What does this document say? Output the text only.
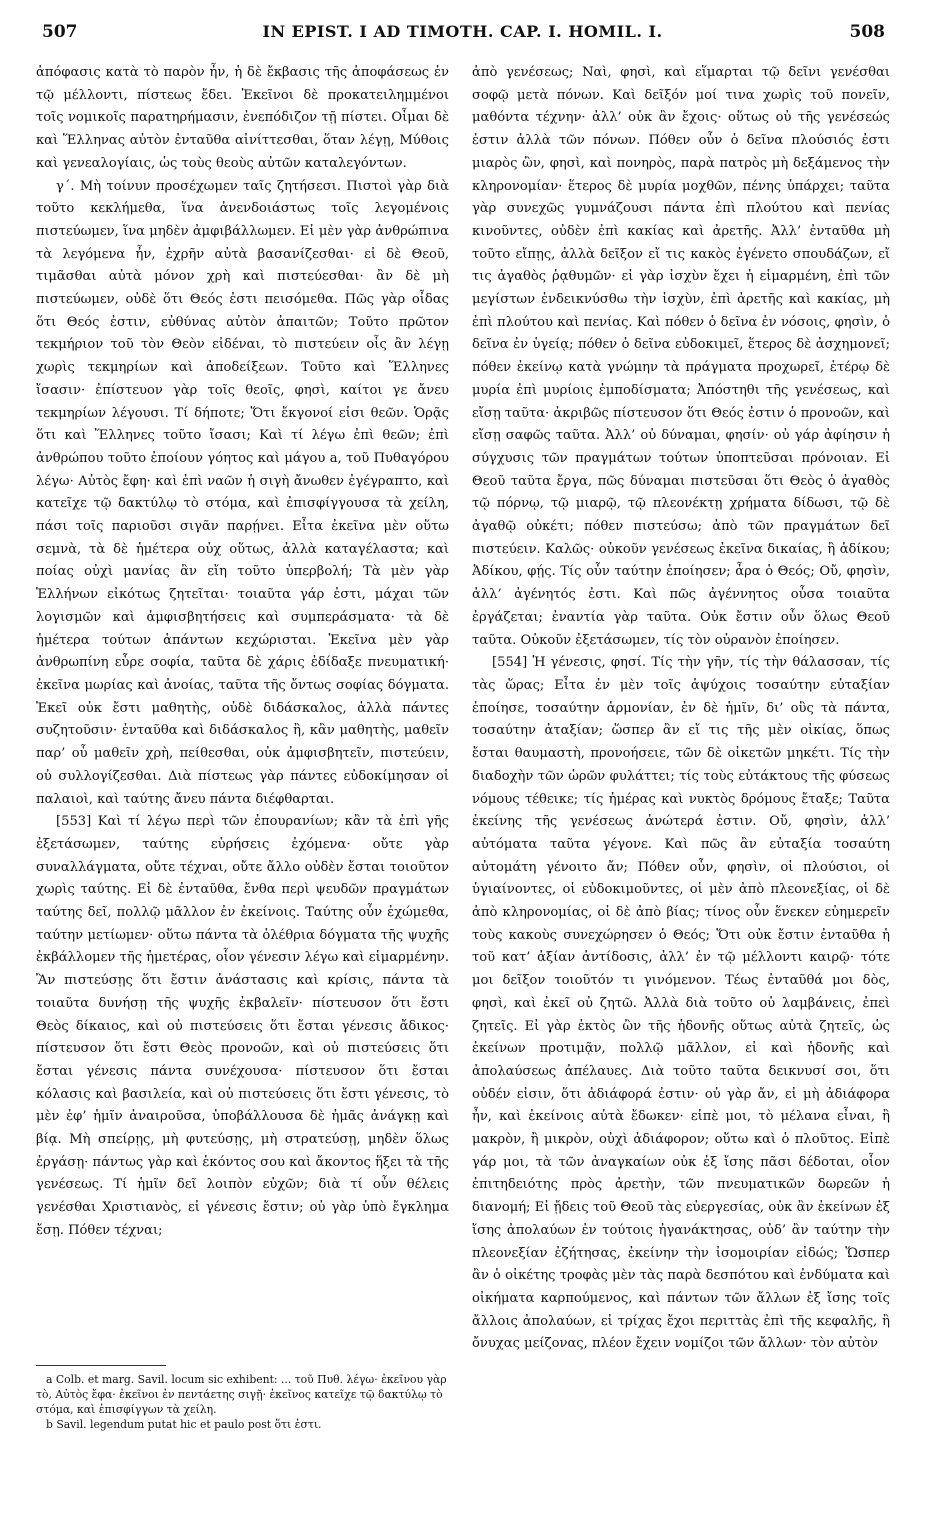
507	IN EPIST. I AD TIMOTH. CAP. I. HOMIL. I.	508

ἀπόφασις κατὰ τὸ παρὸν ἦν, ἡ δὲ ἔκβασις τῆς ἀποφάσεως ἐν τῷ μέλλοντι, πίστεως ἔδει. Ἐκεῖνοι δὲ προκατειλημμένοι τοῖς νομικοῖς παρατηρήμασιν, ἐνεπόδιζον τῇ πίστει. Οἶμαι δὲ καὶ Ἕλληνας αὐτὸν ἐνταῦθα αἰνίττεσθαι, ὅταν λέγῃ, Μύθοις καὶ γενεαλογίαις, ὡς τοὺς θεοὺς αὐτῶν καταλεγόντων.

γ΄. Μὴ τοίνυν προσέχωμεν ταῖς ζητήσεσι. Πιστοὶ γὰρ διὰ τοῦτο κεκλήμεθα, ἵνα ἀνενδοιάστως τοῖς λεγομένοις πιστεύωμεν, ἵνα μηδὲν ἀμφιβάλλωμεν. Εἰ μὲν γὰρ ἀνθρώπινα τὰ λεγόμενα ἦν, ἐχρῆν αὐτὰ βασανίζεσθαι· εἰ δὲ Θεοῦ, τιμᾶσθαι αὐτὰ μόνον χρὴ καὶ πιστεύεσθαι· ἂν δὲ μὴ πιστεύωμεν, οὐδὲ ὅτι Θεός ἐστι πεισόμεθα. Πῶς γὰρ οἶδας ὅτι Θεός ἐστιν, εὐθύνας αὐτὸν ἀπαιτῶν; Τοῦτο πρῶτον τεκμήριον τοῦ τὸν Θεὸν εἰδέναι, τὸ πιστεύειν οἷς ἂν λέγῃ χωρὶς τεκμηρίων καὶ ἀποδείξεων. Τοῦτο καὶ Ἕλληνες ἴσασιν· ἐπίστευον γὰρ τοῖς θεοῖς, φησὶ, καίτοι γε ἄνευ τεκμηρίων λέγουσι. Τί δήποτε; Ὅτι ἔκγονοί εἰσι θεῶν. Ὁρᾷς ὅτι καὶ Ἕλληνες τοῦτο ἴσασι; Καὶ τί λέγω ἐπὶ θεῶν; ἐπὶ ἀνθρώπου τοῦτο ἐποίουν γόητος καὶ μάγου a, τοῦ Πυθαγόρου λέγω· Αὐτὸς ἔφη· καὶ ἐπὶ ναῶν ἡ σιγὴ ἄνωθεν ἐγέγραπτο, καὶ κατεῖχε τῷ δακτύλῳ τὸ στόμα, καὶ ἐπισφίγγουσα τὰ χείλη, πάσι τοῖς παριοῦσι σιγᾶν παρῄνει. Εἶτα ἐκεῖνα μὲν οὕτω σεμνὰ, τὰ δὲ ἡμέτερα οὐχ οὕτως, ἀλλὰ καταγέλαστα; καὶ ποίας οὐχὶ μανίας ἂν εἴη τοῦτο ὑπερβολή; Τὰ μὲν γὰρ Ἑλλήνων εἰκότως ζητεῖται· τοιαῦτα γάρ ἐστι, μάχαι τῶν λογισμῶν καὶ ἀμφισβητήσεις καὶ συμπεράσματα· τὰ δὲ ἡμέτερα τούτων ἁπάντων κεχώρισται. Ἐκεῖνα μὲν γὰρ ἀνθρωπίνη εὗρε σοφία, ταῦτα δὲ χάρις ἐδίδαξε πνευματική· ἐκεῖνα μωρίας καὶ ἀνοίας, ταῦτα τῆς ὄντως σοφίας δόγματα. Ἐκεῖ οὐκ ἔστι μαθητὴς, οὐδὲ διδάσκαλος, ἀλλὰ πάντες συζητοῦσιν· ἐνταῦθα καὶ διδάσκαλος ἢ, κἂν μαθητὴς, μαθεῖν παρ’ οὗ μαθεῖν χρὴ, πείθεσθαι, οὐκ ἀμφισβητεῖν, πιστεύειν, οὐ συλλογίζεσθαι. Διὰ πίστεως γὰρ πάντες εὐδοκίμησαν οἱ παλαιοὶ, καὶ ταύτης ἄνευ πάντα διέφθαρται.

[553] Καὶ τί λέγω περὶ τῶν ἐπουρανίων; κἂν τὰ ἐπὶ γῆς ἐξετάσωμεν, ταύτης εὑρήσεις ἐχόμενα· οὔτε γὰρ συναλλάγματα, οὔτε τέχναι, οὔτε ἄλλο οὐδὲν ἔσται τοιοῦτον χωρὶς ταύτης. Εἰ δὲ ἐνταῦθα, ἔνθα περὶ ψευδῶν πραγμάτων ταύτης δεῖ, πολλῷ μᾶλλον ἐν ἐκείνοις. Ταύτης οὖν ἐχώμεθα, ταύτην μετίωμεν· οὕτω πάντα τὰ ὀλέθρια δόγματα τῆς ψυχῆς ἐκβάλλομεν τῆς ἡμετέρας, οἷον γένεσιν λέγω καὶ εἱμαρμένην. Ἂν πιστεύσῃς ὅτι ἔστιν ἀνάστασις καὶ κρίσις, πάντα τὰ τοιαῦτα δυνήσῃ τῆς ψυχῆς ἐκβαλεῖν· πίστευσον ὅτι ἔστι Θεὸς δίκαιος, καὶ οὐ πιστεύσεις ὅτι ἔσται γένεσις ἄδικος· πίστευσον ὅτι ἔστι Θεὸς προνοῶν, καὶ οὐ πιστεύσεις ὅτι ἔσται γένεσις πάντα συνέχουσα· πίστευσον ὅτι ἔσται κόλασις καὶ βασιλεία, καὶ οὐ πιστεύσεις ὅτι ἔστι γένεσις, τὸ μὲν ἐφ’ ἡμῖν ἀναιροῦσα, ὑποβάλλουσα δὲ ἡμᾶς ἀνάγκῃ καὶ βίᾳ. Μὴ σπείρῃς, μὴ φυτεύσῃς, μὴ στρατεύσῃ, μηδὲν ὅλως ἐργάσῃ· πάντως γὰρ καὶ ἑκόντος σου καὶ ἄκοντος ἥξει τὰ τῆς γενέσεως. Τί ἡμῖν δεῖ λοιπὸν εὐχῶν; διὰ τί οὖν θέλεις γενέσθαι Χριστιανὸς, εἰ γένεσις ἔστιν; οὐ γὰρ ὑπὸ ἔγκλημα ἔσῃ. Πόθεν τέχναι;

a Colb. et marg. Savil. locum sic exhibent: ... τοῦ Πυθ. λέγω· ἐκεῖνου γὰρ τὸ, Αὐτὸς ἔφα· ἐκεῖνοι ἐν πεντάετης σιγῇ· ἐκεῖνος κατεῖχε τῷ δακτύλῳ τὸ στόμα, καὶ ἐπισφίγγων τὰ χείλη.

b Savil. legendum putat hic et paulo post ὅτι ἐστι.

ἀπὸ γενέσεως; Ναὶ, φησὶ, καὶ εἵμαρται τῷ δεῖνι γενέσθαι σοφῷ μετὰ πόνων. Καὶ δεῖξόν μοί τινα χωρὶς τοῦ πονεῖν, μαθόντα τέχνην· ἀλλ’ οὐκ ἂν ἔχοις· οὕτως οὐ τῆς γενέσεώς ἐστιν ἀλλὰ τῶν πόνων. Πόθεν οὖν ὁ δεῖνα πλούσιός ἐστι μιαρὸς ὢν, φησὶ, καὶ πονηρὸς, παρὰ πατρὸς μὴ δεξάμενος τὴν κληρονομίαν· ἕτερος δὲ μυρία μοχθῶν, πένης ὑπάρχει; ταῦτα γὰρ συνεχῶς γυμνάζουσι πάντα ἐπὶ πλούτου καὶ πενίας κινοῦντες, οὐδὲν ἐπὶ κακίας καὶ ἀρετῆς. Ἀλλ’ ἐνταῦθα μὴ τοῦτο εἴπῃς, ἀλλὰ δεῖξον εἴ τις κακὸς ἐγένετο σπουδάζων, εἴ τις ἀγαθὸς ῥᾳθυμῶν· εἰ γὰρ ἰσχὺν ἔχει ἡ εἱμαρμένη, ἐπὶ τῶν μεγίστων ἐνδεικνύσθω τὴν ἰσχὺν, ἐπὶ ἀρετῆς καὶ κακίας, μὴ ἐπὶ πλούτου καὶ πενίας. Καὶ πόθεν ὁ δεῖνα ἐν νόσοις, φησὶν, ὁ δεῖνα ἐν ὑγείᾳ; πόθεν ὁ δεῖνα εὐδοκιμεῖ, ἕτερος δὲ ἀσχημονεῖ; πόθεν ἐκείνῳ κατὰ γνώμην τὰ πράγματα προχωρεῖ, ἑτέρῳ δὲ μυρία ἐπὶ μυρίοις ἐμποδίσματα; Ἀπόστηθι τῆς γενέσεως, καὶ εἴσῃ ταῦτα· ἀκριβῶς πίστευσον ὅτι Θεός ἐστιν ὁ προνοῶν, καὶ εἴσῃ σαφῶς ταῦτα. Ἀλλ’ οὐ δύναμαι, φησίν· οὐ γάρ ἀφίησιν ἡ σύγχυσις τῶν πραγμάτων τούτων ὑποπτεῦσαι πρόνοιαν. Εἰ Θεοῦ ταῦτα ἔργα, πῶς δύναμαι πιστεῦσαι ὅτι Θεὸς ὁ ἀγαθὸς τῷ πόρνῳ, τῷ μιαρῷ, τῷ πλεονέκτῃ χρήματα δίδωσι, τῷ δὲ ἀγαθῷ οὐκέτι; πόθεν πιστεύσω; ἀπὸ τῶν πραγμάτων δεῖ πιστεύειν. Καλῶς· οὐκοῦν γενέσεως ἐκεῖνα δικαίας, ἢ ἀδίκου; Ἀδίκου, φῄς. Τίς οὖν ταύτην ἐποίησεν; ἆρα ὁ Θεός; Οὔ, φησὶν, ἀλλ’ ἀγένητός ἐστι. Καὶ πῶς ἀγέννητος οὖσα τοιαῦτα ἐργάζεται; ἐναντία γὰρ ταῦτα. Οὐκ ἔστιν οὖν ὅλως Θεοῦ ταῦτα. Οὐκοῦν ἐξετάσωμεν, τίς τὸν οὐρανὸν ἐποίησεν.

[554] Ἡ γένεσις, φησί. Τίς τὴν γῆν, τίς τὴν θάλασσαν, τίς τὰς ὥρας; Εἶτα ἐν μὲν τοῖς ἀψύχοις τοσαύτην εὐταξίαν ἐποίησε, τοσαύτην ἁρμονίαν, ἐν δὲ ἡμῖν, δι’ οὓς τὰ πάντα, τοσαύτην ἀταξίαν; ὥσπερ ἂν εἴ τις τῆς μὲν οἰκίας, ὅπως ἔσται θαυμαστὴ, προνοήσειε, τῶν δὲ οἰκετῶν μηκέτι. Τίς τὴν διαδοχὴν τῶν ὡρῶν φυλάττει; τίς τοὺς εὐτάκτους τῆς φύσεως νόμους τέθεικε; τίς ἡμέρας καὶ νυκτὸς δρόμους ἔταξε; Ταῦτα ἐκείνης τῆς γενέσεως ἀνώτερά ἐστιν. Οὔ, φησὶν, ἀλλ’ αὐτόματα ταῦτα γέγονε. Καὶ πῶς ἂν εὐταξία τοσαύτη αὐτομάτη γένοιτο ἄν; Πόθεν οὖν, φησὶν, οἱ πλούσιοι, οἱ ὑγιαίνοντες, οἱ εὐδοκιμοῦντες, οἱ μὲν ἀπὸ πλεονεξίας, οἱ δὲ ἀπὸ κληρονομίας, οἱ δὲ ἀπὸ βίας; τίνος οὖν ἕνεκεν εὐημερεῖν τοὺς κακοὺς συνεχώρησεν ὁ Θεός; Ὅτι οὐκ ἔστιν ἐνταῦθα ἡ τοῦ κατ’ ἀξίαν ἀντίδοσις, ἀλλ’ ἐν τῷ μέλλοντι καιρῷ· τότε μοι δεῖξον τοιοῦτόν τι γινόμενον. Τέως ἐνταῦθά μοι δὸς, φησὶ, καὶ ἐκεῖ οὐ ζητῶ. Ἀλλὰ διὰ τοῦτο οὐ λαμβάνεις, ἐπεὶ ζητεῖς. Εἰ γὰρ ἐκτὸς ὢν τῆς ἡδονῆς οὕτως αὐτὰ ζητεῖς, ὡς ἐκείνων προτιμᾷν, πολλῷ μᾶλλον, εἰ καὶ ἡδονῆς καὶ ἀπολαύσεως ἀπέλαυες. Διὰ τοῦτο ταῦτα δεικνυσί σοι, ὅτι οὐδέν εἰσιν, ὅτι ἀδιάφορά ἐστιν· οὐ γὰρ ἄν, εἰ μὴ ἀδιάφορα ἦν, καὶ ἐκείνοις αὐτὰ ἔδωκεν· εἰπὲ μοι, τὸ μέλανα εἶναι, ἢ μακρὸν, ἢ μικρὸν, οὐχὶ ἀδιάφορον; οὕτω καὶ ὁ πλοῦτος. Εἰπὲ γάρ μοι, τὰ τῶν ἀναγκαίων οὐκ ἐξ ἴσης πᾶσι δέδοται, οἷον ἐπιτηδειότης πρὸς ἀρετὴν, τῶν πνευματικῶν δωρεῶν ἡ διανομή; Εἰ ᾔδεις τοῦ Θεοῦ τὰς εὐεργεσίας, οὐκ ἂν ἐκείνων ἐξ ἴσης ἀπολαύων ἐν τούτοις ἠγανάκτησας, οὐδ’ ἂν ταύτην τὴν πλεονεξίαν ἐζήτησας, ἐκείνην τὴν ἰσομοιρίαν εἰδώς; Ὥσπερ ἂν ὁ οἰκέτης τροφὰς μὲν τὰς παρὰ δεσπότου καὶ ἐνδύματα καὶ οἰκήματα καρπούμενος, καὶ πάντων τῶν ἄλλων ἐξ ἴσης τοῖς ἄλλοις ἀπολαύων, εἰ τρίχας ἔχοι περιττὰς ἐπὶ τῆς κεφαλῆς, ἢ ὄνυχας μείζονας, πλέον ἔχειν νομίζοι τῶν ἄλλων· τὸν αὐτὸν
